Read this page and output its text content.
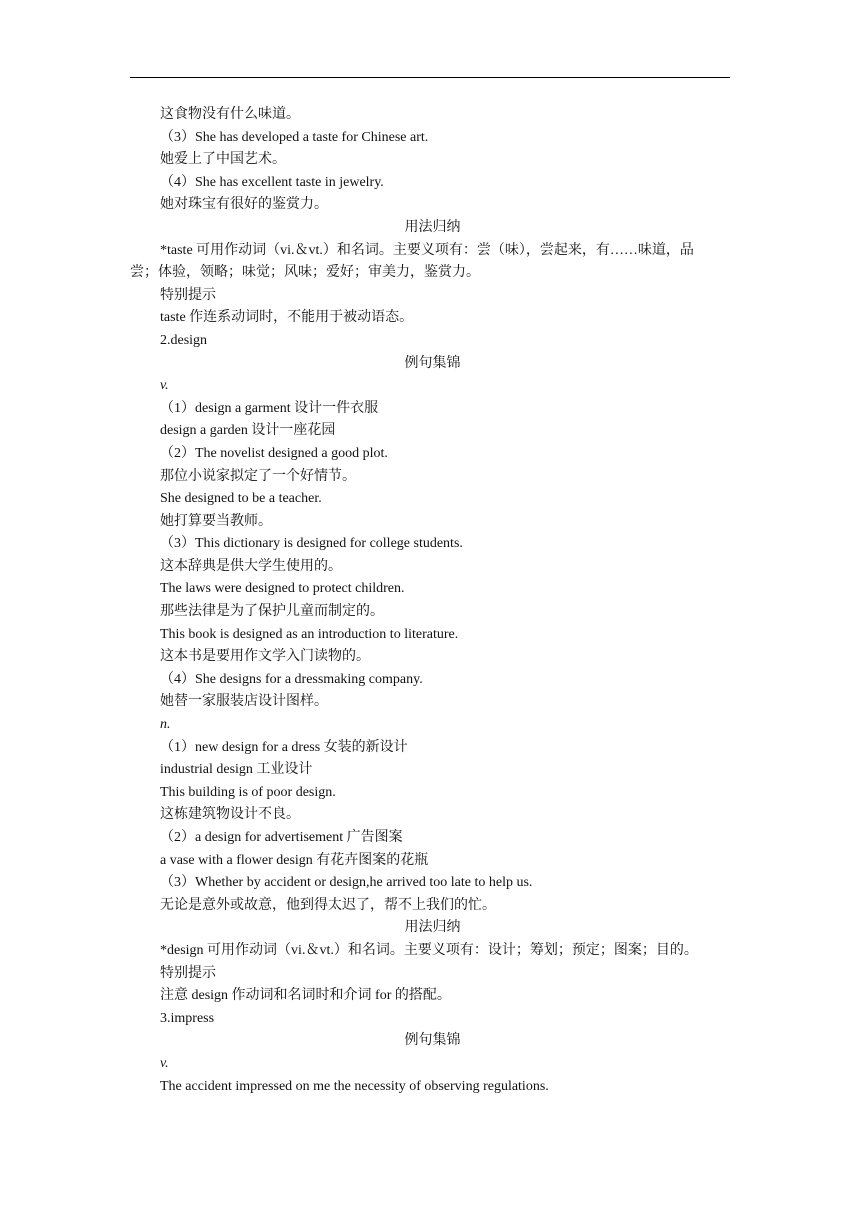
这食物没有什么味道。
（3）She has developed a taste for Chinese art.
她爱上了中国艺术。
（4）She has excellent taste in jewelry.
她对珠宝有很好的鉴赏力。
用法归纳
*taste 可用作动词（vi.＆vt.）和名词。主要义项有：尝（味），尝起来，有……味道，品
尝；体验，领略；味觉；风味；爱好；审美力，鉴赏力。
特别提示
taste 作连系动词时，不能用于被动语态。
2.design
例句集锦
v.
（1）design a garment 设计一件衣服
design a garden 设计一座花园
（2）The novelist designed a good plot.
那位小说家拟定了一个好情节。
She designed to be a teacher.
她打算要当教师。
（3）This dictionary is designed for college students.
这本辞典是供大学生使用的。
The laws were designed to protect children.
那些法律是为了保护儿童而制定的。
This book is designed as an introduction to literature.
这本书是要用作文学入门读物的。
（4）She designs for a dressmaking company.
她替一家服装店设计图样。
n.
（1）new design for a dress 女装的新设计
industrial design 工业设计
This building is of poor design.
这栋建筑物设计不良。
（2）a design for advertisement 广告图案
a vase with a flower design 有花卉图案的花瓶
（3）Whether by accident or design,he arrived too late to help us.
无论是意外或故意，他到得太迟了，帮不上我们的忙。
用法归纳
*design 可用作动词（vi.＆vt.）和名词。主要义项有：设计；筹划；预定；图案；目的。
特别提示
注意 design 作动词和名词时和介词 for 的搭配。
3.impress
例句集锦
v.
The accident impressed on me the necessity of observing regulations.
